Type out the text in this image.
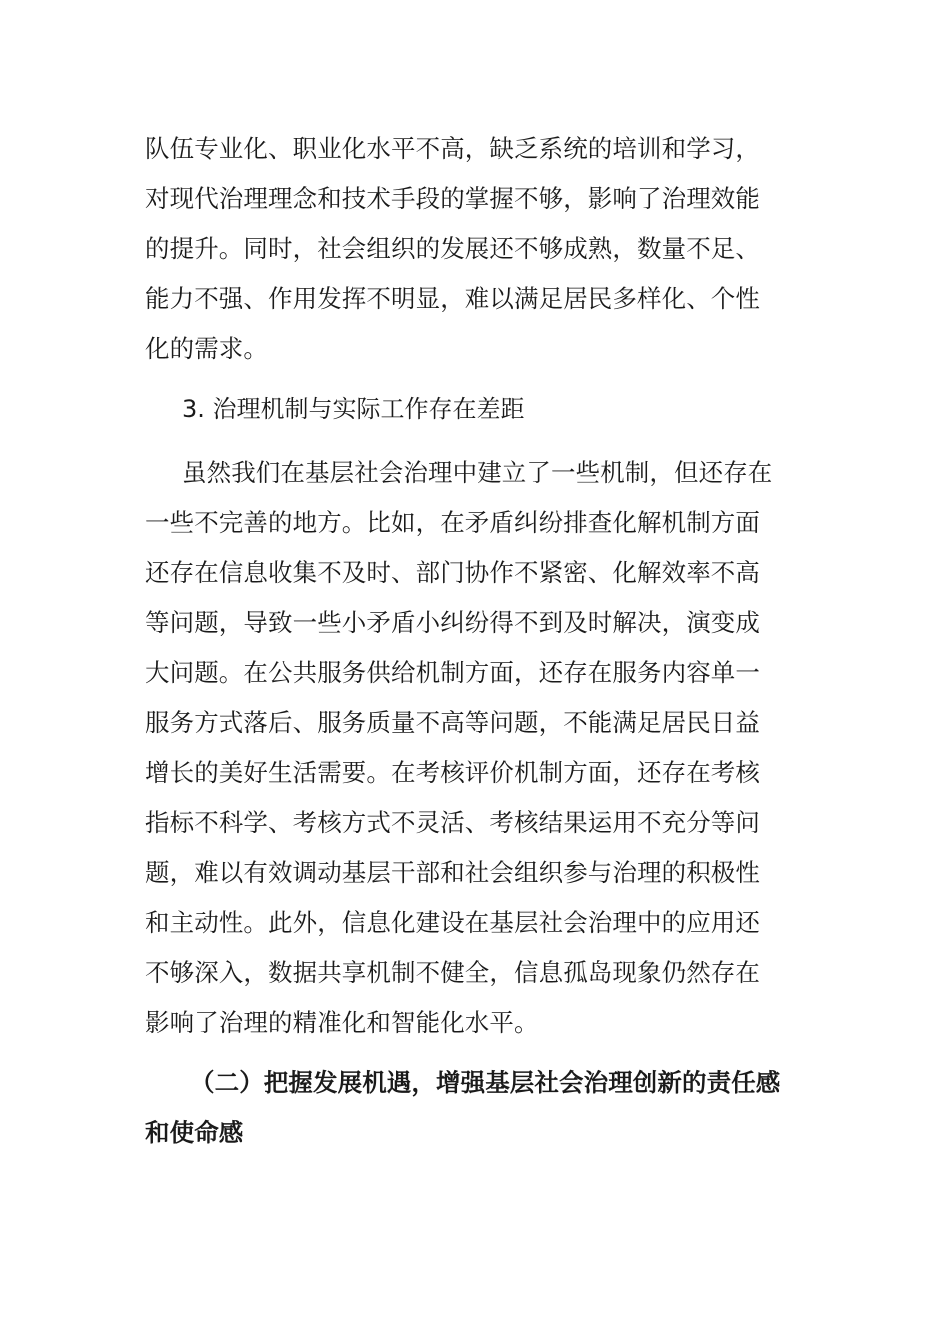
队伍专业化、职业化水平不高，缺乏系统的培训和学习，
对现代治理理念和技术手段的掌握不够，影响了治理效能
的提升。同时，社会组织的发展还不够成熟，数量不足、
能力不强、作用发挥不明显，难以满足居民多样化、个性
化的需求。

3. 治理机制与实际工作存在差距

虽然我们在基层社会治理中建立了一些机制，但还存在
一些不完善的地方。比如，在矛盾纠纷排查化解机制方面
还存在信息收集不及时、部门协作不紧密、化解效率不高
等问题，导致一些小矛盾小纠纷得不到及时解决，演变成
大问题。在公共服务供给机制方面，还存在服务内容单一
服务方式落后、服务质量不高等问题，不能满足居民日益
增长的美好生活需要。在考核评价机制方面，还存在考核
指标不科学、考核方式不灵活、考核结果运用不充分等问
题，难以有效调动基层干部和社会组织参与治理的积极性
和主动性。此外，信息化建设在基层社会治理中的应用还
不够深入，数据共享机制不健全，信息孤岛现象仍然存在
影响了治理的精准化和智能化水平。

（二）把握发展机遇，增强基层社会治理创新的责任感
和使命感
